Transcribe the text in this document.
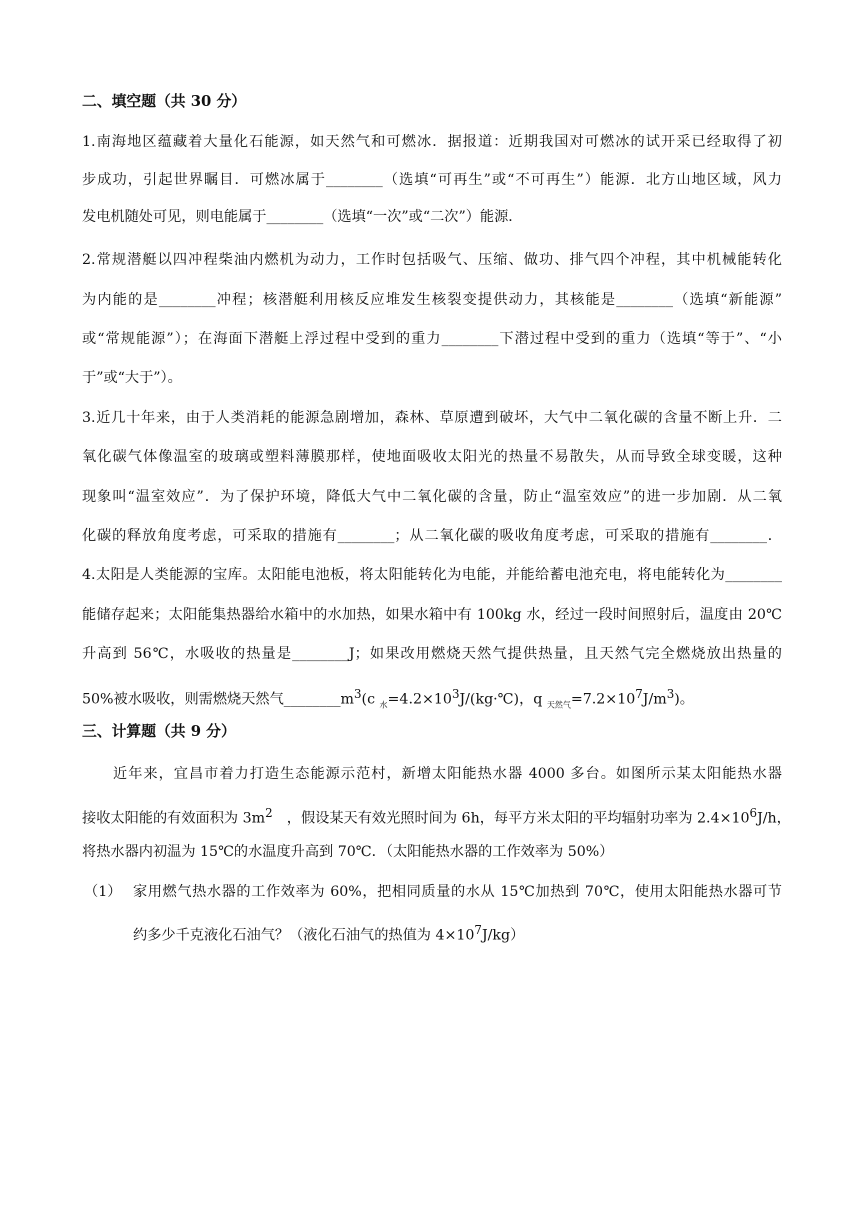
二、填空题（共 30 分）
1.南海地区蕴藏着大量化石能源，如天然气和可燃冰．据报道：近期我国对可燃冰的试开采已经取得了初
步成功，引起世界瞩目．可燃冰属于________（选填“可再生”或“不可再生”）能源．北方山地区域，风力
发电机随处可见，则电能属于________（选填“一次”或“二次”）能源．
2.常规潜艇以四冲程柴油内燃机为动力，工作时包括吸气、压缩、做功、排气四个冲程，其中机械能转化
为内能的是________冲程；核潜艇利用核反应堆发生核裂变提供动力，其核能是________（选填“新能源”
或“常规能源”）；在海面下潜艇上浮过程中受到的重力________下潜过程中受到的重力（选填“等于”、“小
于”或“大于”）。
3.近几十年来，由于人类消耗的能源急剧增加，森林、草原遭到破坏，大气中二氧化碳的含量不断上升．二
氧化碳气体像温室的玻璃或塑料薄膜那样，使地面吸收太阳光的热量不易散失，从而导致全球变暖，这种
现象叫“温室效应”．为了保护环境，降低大气中二氧化碳的含量，防止“温室效应”的进一步加剧．从二氧
化碳的释放角度考虑，可采取的措施有________；从二氧化碳的吸收角度考虑，可采取的措施有________．
4.太阳是人类能源的宝库。太阳能电池板，将太阳能转化为电能，并能给蓄电池充电，将电能转化为________
能储存起来；太阳能集热器给水箱中的水加热，如果水箱中有 100kg 水，经过一段时间照射后，温度由 20℃
升高到 56℃，水吸收的热量是________J；如果改用燃烧天然气提供热量，且天然气完全燃烧放出热量的
50%被水吸收，则需燃烧天然气$\_\_\_\_\_\_\_\_m^3(c$ $_水=4.2\times 10^3J/(kg\cdot℃)$，q $_{天然气}=7.2\times 10^7J/m^3$)。
三、计算题（共 9 分）
近年来，宜昌市着力打造生态能源示范村，新增太阳能热水器 4000 多台。如图所示某太阳能热水器
接收太阳能的有效面积为 $3m^2$　，假设某天有效光照时间为 6h，每平方米太阳的平均辐射功率为 $2.4\times 10^6J/h$，
将热水器内初温为 15℃的水温度升高到 70℃．（太阳能热水器的工作效率为 50%）
（1） 家用燃气热水器的工作效率为 60%，把相同质量的水从 15℃加热到 70℃，使用太阳能热水器可节
约多少千克液化石油气？（液化石油气的热值为 $4\times 10^7J/kg$）
